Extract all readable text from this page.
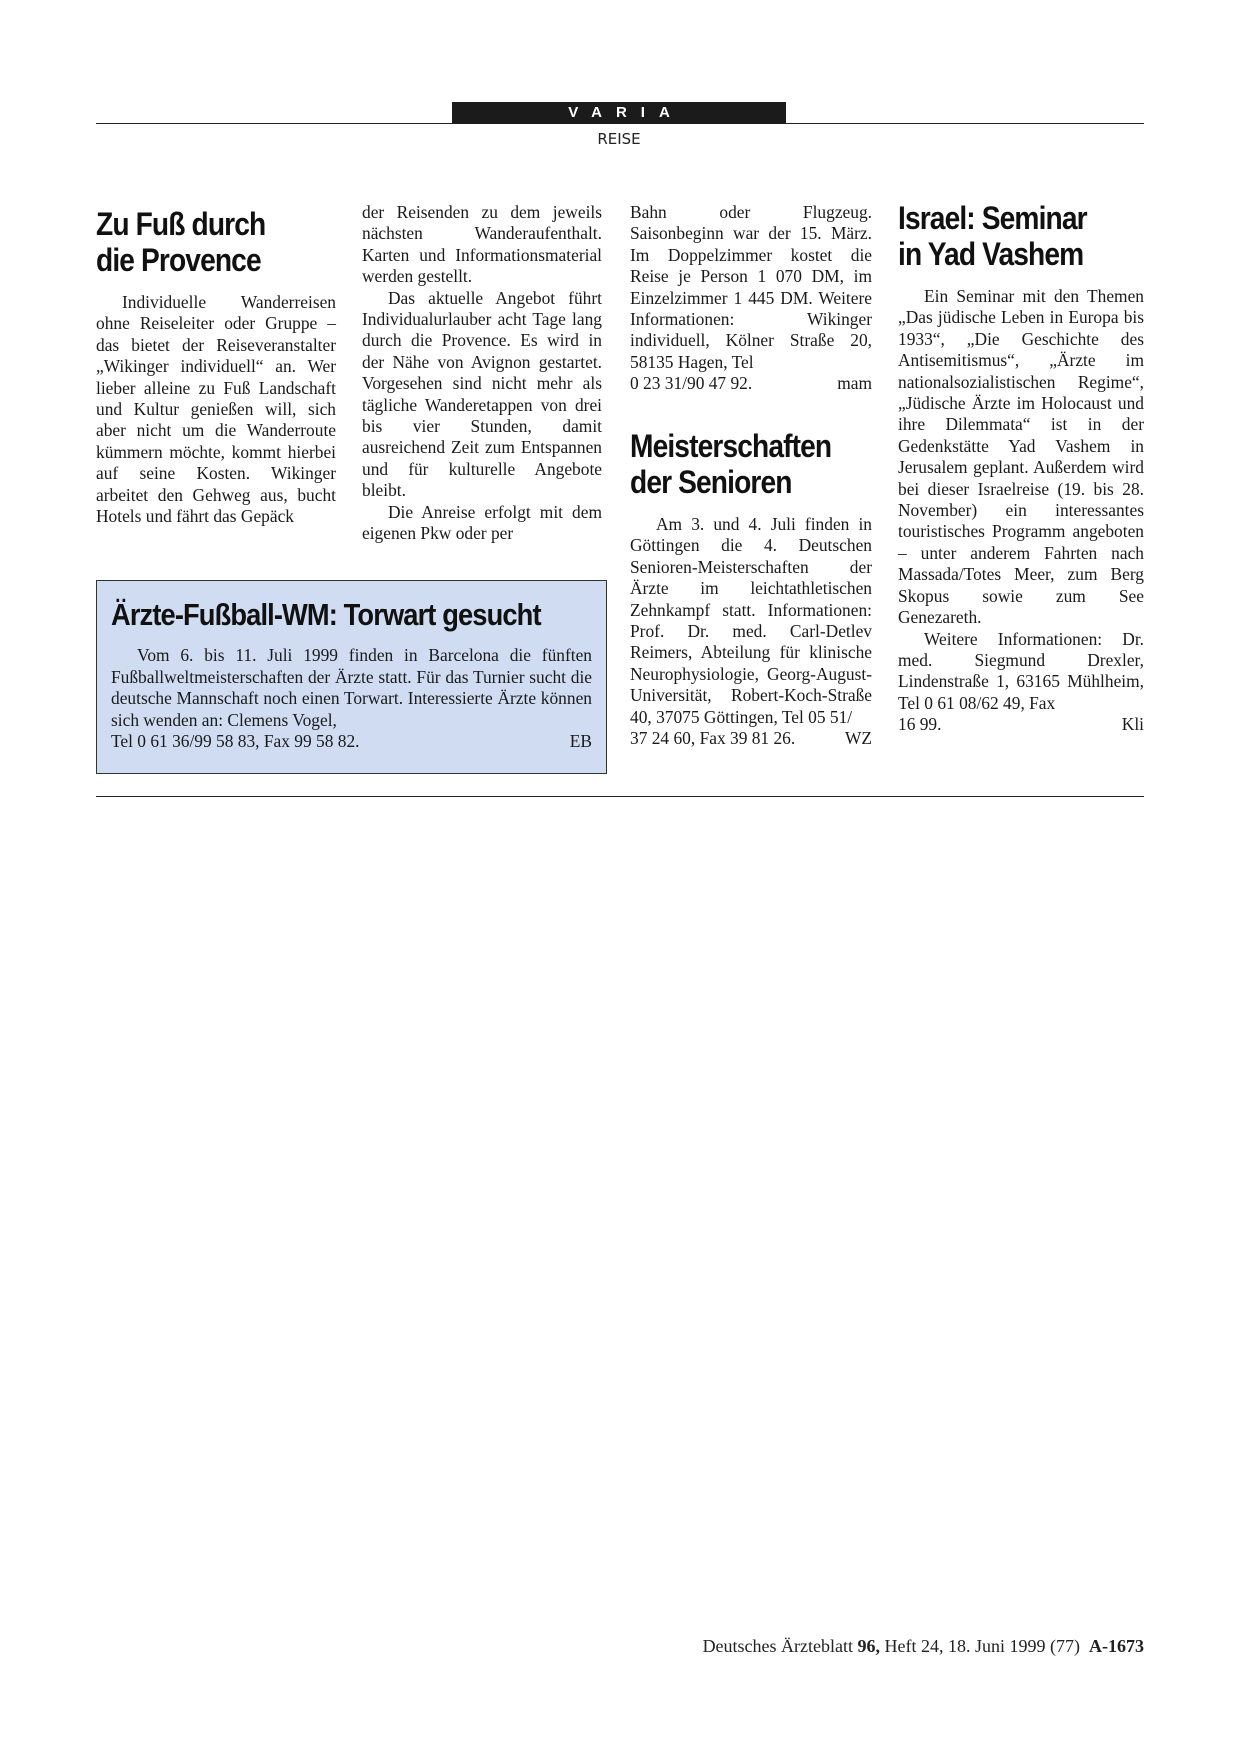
VARIA
REISE
Zu Fuß durch
die Provence

Individuelle Wanderreisen ohne Reiseleiter oder Gruppe – das bietet der Reiseveranstalter „Wikinger individuell“ an. Wer lieber alleine zu Fuß Landschaft und Kultur genießen will, sich aber nicht um die Wanderroute kümmern möchte, kommt hierbei auf seine Kosten. Wikinger arbeitet den Gehweg aus, bucht Hotels und fährt das Gepäck

der Reisenden zu dem jeweils nächsten Wanderaufenthalt. Karten und Informationsmaterial werden gestellt.

Das aktuelle Angebot führt Individualurlauber acht Tage lang durch die Provence. Es wird in der Nähe von Avignon gestartet. Vorgesehen sind nicht mehr als tägliche Wanderetappen von drei bis vier Stunden, damit ausreichend Zeit zum Entspannen und für kulturelle Angebote bleibt.

Die Anreise erfolgt mit dem eigenen Pkw oder per

Bahn oder Flugzeug. Saisonbeginn war der 15. März. Im Doppelzimmer kostet die Reise je Person 1 070 DM, im Einzelzimmer 1 445 DM. Weitere Informationen: Wikinger individuell, Kölner Straße 20, 58135 Hagen, Tel

0 23 31/90 47 92.	mam
Meisterschaften
der Senioren

Am 3. und 4. Juli finden in Göttingen die 4. Deutschen Senioren-Meisterschaften der Ärzte im leichtathletischen Zehnkampf statt. Informationen: Prof. Dr. med. Carl-Detlev Reimers, Abteilung für klinische Neurophysiologie, Georg-August-Universität, Robert-Koch-Straße 40, 37075 Göttingen, Tel 05 51/

37 24 60, Fax 39 81 26.	WZ
Israel: Seminar
in Yad Vashem

Ein Seminar mit den Themen „Das jüdische Leben in Europa bis 1933“, „Die Geschichte des Antisemitismus“, „Ärzte im nationalsozialistischen Regime“, „Jüdische Ärzte im Holocaust und ihre Dilemmata“ ist in der Gedenkstätte Yad Vashem in Jerusalem geplant. Außerdem wird bei dieser Israelreise (19. bis 28. November) ein interessantes touristisches Programm angeboten – unter anderem Fahrten nach Massada/Totes Meer, zum Berg Skopus sowie zum See Genezareth.

Weitere Informationen: Dr. med. Siegmund Drexler, Lindenstraße 1, 63165 Mühlheim, Tel 0 61 08/62 49, Fax

16 99.	Kli
Ärzte-Fußball-WM: Torwart gesucht

Vom 6. bis 11. Juli 1999 finden in Barcelona die fünften Fußballweltmeisterschaften der Ärzte statt. Für das Turnier sucht die deutsche Mannschaft noch einen Torwart. Interessierte Ärzte können sich wenden an: Clemens Vogel,

Tel 0 61 36/99 58 83, Fax 99 58 82.	EB
Deutsches Ärzteblatt 96, Heft 24, 18. Juni 1999 (77) A-1673
